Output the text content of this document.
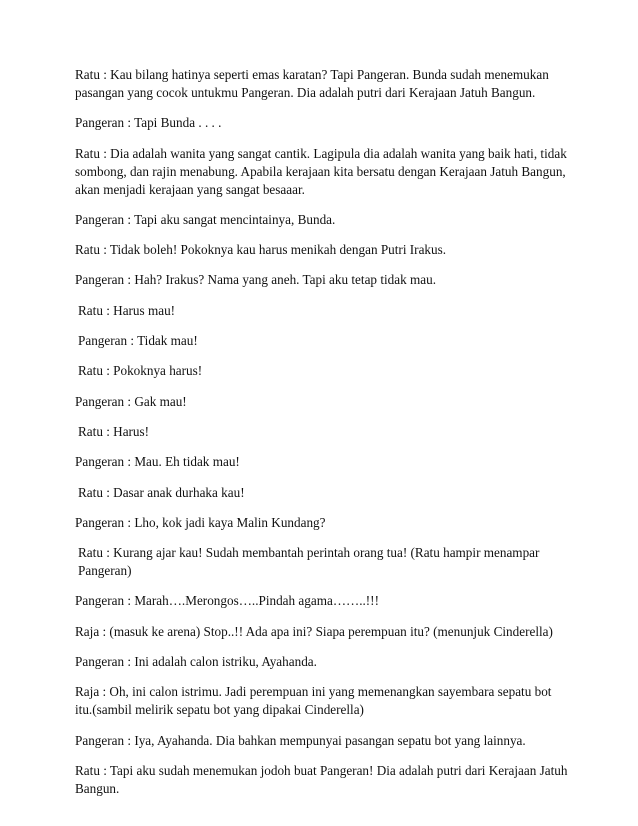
Ratu : Kau bilang hatinya seperti emas karatan? Tapi Pangeran. Bunda sudah menemukan
pasangan yang cocok untukmu Pangeran. Dia adalah putri dari Kerajaan Jatuh Bangun.

Pangeran : Tapi Bunda . . . .

Ratu : Dia adalah wanita yang sangat cantik. Lagipula dia adalah wanita yang baik hati, tidak
sombong, dan rajin menabung. Apabila kerajaan kita bersatu dengan Kerajaan Jatuh Bangun,
akan menjadi kerajaan yang sangat besaaar.

Pangeran : Tapi aku sangat mencintainya, Bunda.

Ratu : Tidak boleh! Pokoknya kau harus menikah dengan Putri Irakus.

Pangeran : Hah? Irakus? Nama yang aneh. Tapi aku tetap tidak mau.

Ratu : Harus mau!

Pangeran : Tidak mau!

Ratu : Pokoknya harus!

Pangeran : Gak mau!

Ratu : Harus!

Pangeran : Mau. Eh tidak mau!

Ratu : Dasar anak durhaka kau!

Pangeran : Lho, kok jadi kaya Malin Kundang?

Ratu : Kurang ajar kau! Sudah membantah perintah orang tua! (Ratu hampir menampar
Pangeran)

Pangeran : Marah….Merongos…..Pindah agama……..!!!

Raja : (masuk ke arena) Stop..!! Ada apa ini? Siapa perempuan itu? (menunjuk Cinderella)

Pangeran : Ini adalah calon istriku, Ayahanda.

Raja : Oh, ini calon istrimu. Jadi perempuan ini yang memenangkan sayembara sepatu bot
itu.(sambil melirik sepatu bot yang dipakai Cinderella)

Pangeran : Iya, Ayahanda. Dia bahkan mempunyai pasangan sepatu bot yang lainnya.

Ratu : Tapi aku sudah menemukan jodoh buat Pangeran! Dia adalah putri dari Kerajaan Jatuh
Bangun.
